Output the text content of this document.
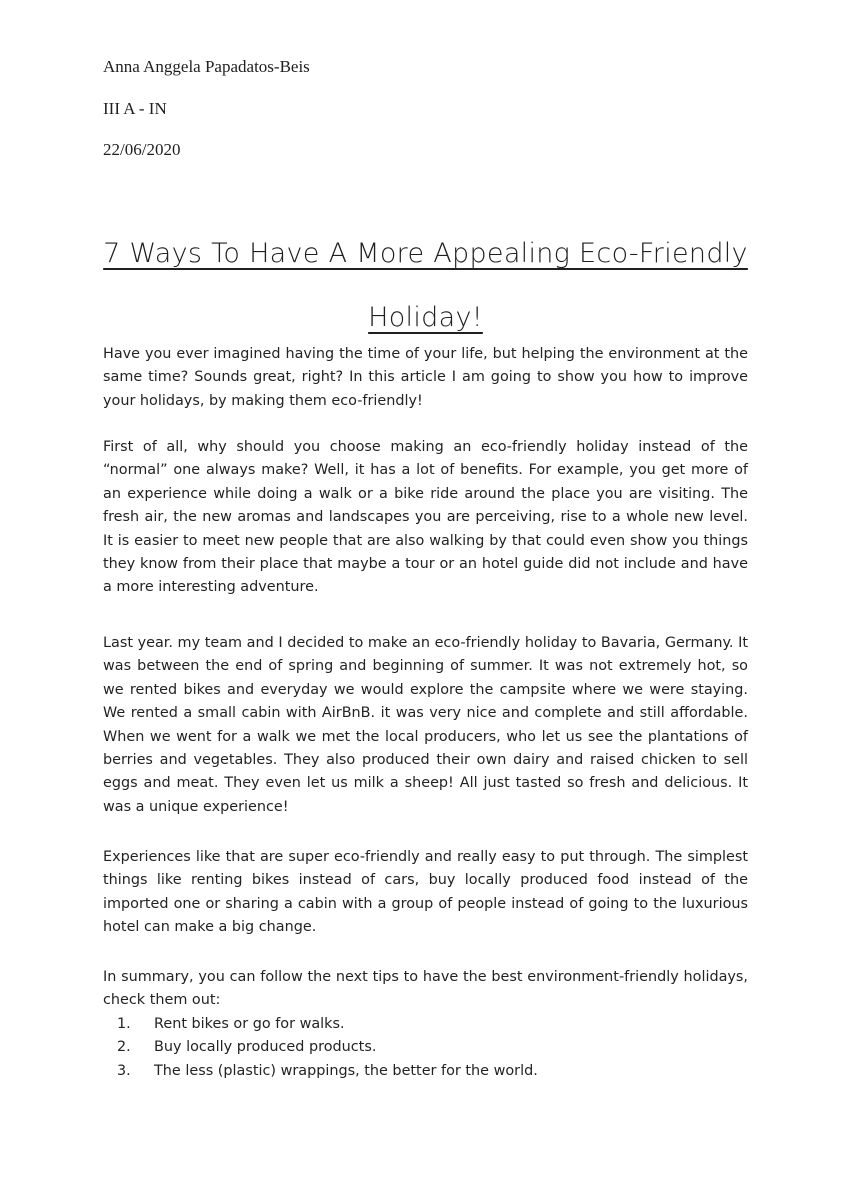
Anna Anggela Papadatos-Beis
III A - IN
22/06/2020
7 Ways To Have A More Appealing Eco-Friendly Holiday!

Have you ever imagined having the time of your life, but helping the environment at the same time? Sounds great, right? In this article I am going to show you how to improve your holidays, by making them eco-friendly!

First of all, why should you choose making an eco-friendly holiday instead of the “normal” one always make? Well, it has a lot of benefits. For example, you get more of an experience while doing a walk or a bike ride around the place you are visiting. The fresh air, the new aromas and landscapes you are perceiving, rise to a whole new level. It is easier to meet new people that are also walking by that could even show you things they know from their place that maybe a tour or an hotel guide did not include and have a more interesting adventure.

Last year. my team and I decided to make an eco-friendly holiday to Bavaria, Germany. It was between the end of spring and beginning of summer. It was not extremely hot, so we rented bikes and everyday we would explore the campsite where we were staying. We rented a small cabin with AirBnB. it was very nice and complete and still affordable. When we went for a walk we met the local producers, who let us see the plantations of berries and vegetables. They also produced their own dairy and raised chicken to sell eggs and meat. They even let us milk a sheep! All just tasted so fresh and delicious. It was a unique experience!

Experiences like that are super eco-friendly and really easy to put through. The simplest things like renting bikes instead of cars, buy locally produced food instead of the imported one or sharing a cabin with a group of people instead of going to the luxurious hotel can make a big change.

In summary, you can follow the next tips to have the best environment-friendly holidays, check them out:

1. Rent bikes or go for walks.
2. Buy locally produced products.
3. The less (plastic) wrappings, the better for the world.
